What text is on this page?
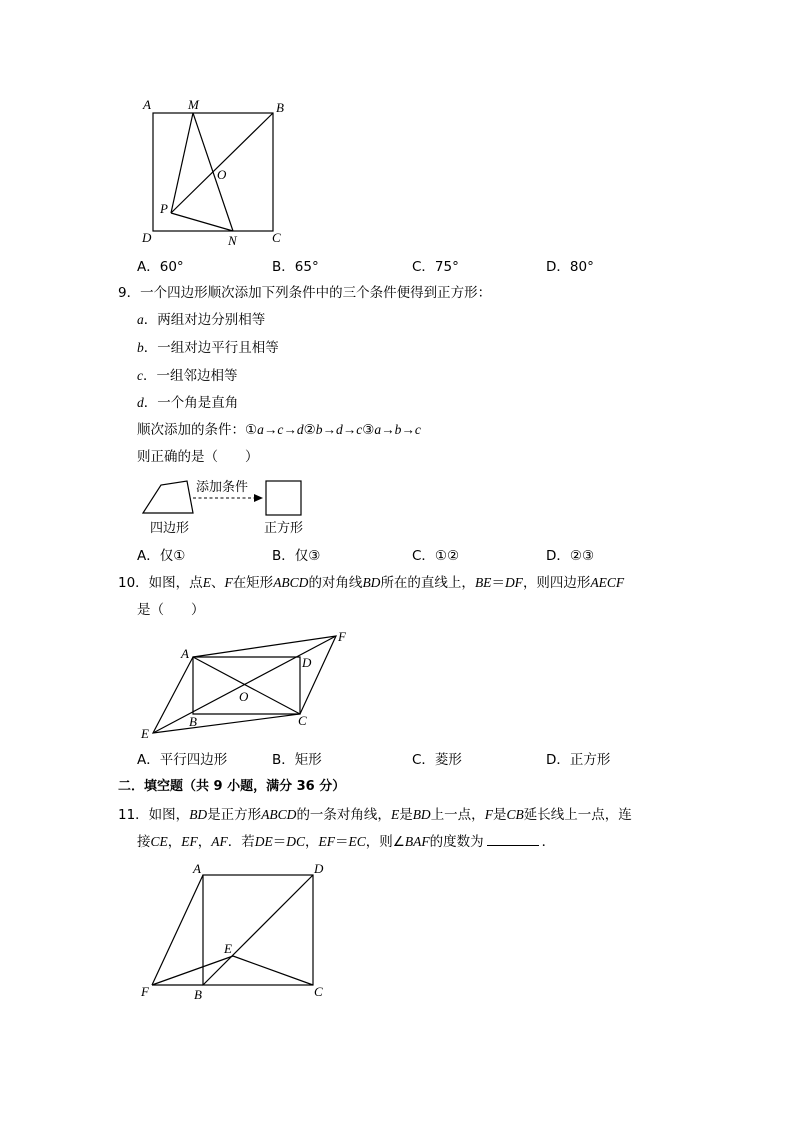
A	M	B
O
P
D	N	C
A．60°	B．65°	C．75°	D．80°
9．一个四边形顺次添加下列条件中的三个条件便得到正方形：
a．两组对边分别相等
b．一组对边平行且相等
c．一组邻边相等
d．一个角是直角
顺次添加的条件：①a→c→d②b→d→c③a→b→c
则正确的是（　　）
添加条件
四边形	正方形
A．仅①	B．仅③	C．①②	D．②③
10．如图，点E、F在矩形ABCD的对角线BD所在的直线上，BE＝DF，则四边形AECF
是（　　）
A
F
D
O
E
B	C
A．平行四边形	B．矩形	C．菱形	D．正方形
二．填空题（共 9 小题，满分 36 分）
11．如图，BD是正方形ABCD的一条对角线，E是BD上一点，F是CB延长线上一点，连
接CE，EF，AF．若DE＝DC，EF＝EC，则∠BAF的度数为	．
A	D
E
F	B	C
